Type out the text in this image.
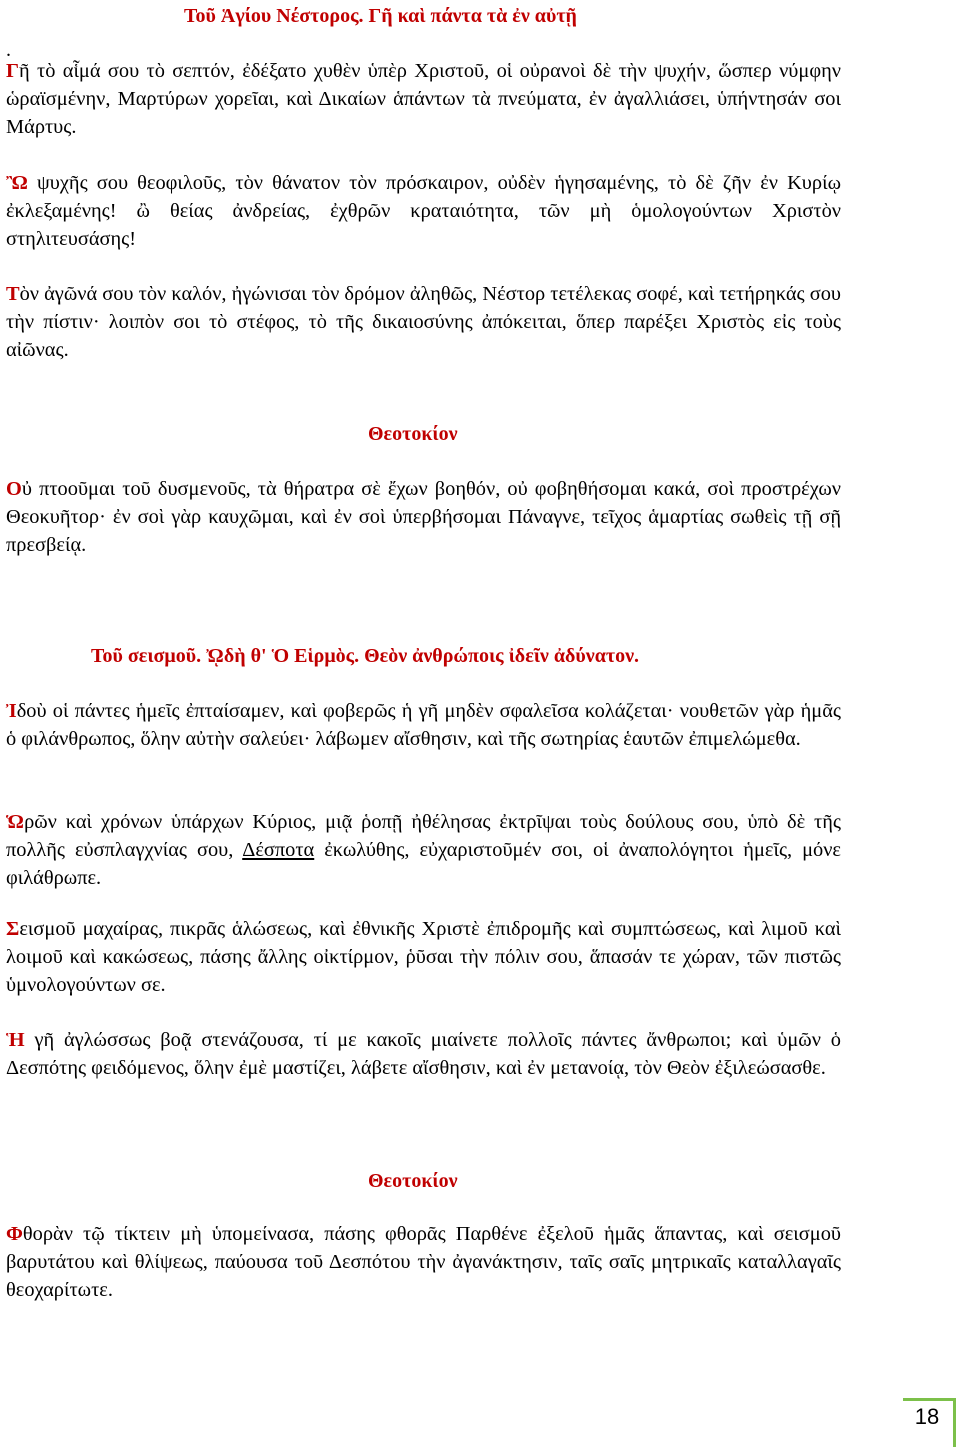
Τοῦ Ἁγίου Νέστορος. Γῆ καὶ πάντα τὰ ἐν αὐτῇ
.

Γῆ τὸ αἷμά σου τὸ σεπτόν, ἐδέξατο χυθὲν ὑπὲρ Χριστοῦ, οἱ οὐρανοὶ δὲ τὴν ψυχήν, ὥσπερ νύμφην ὡραϊσμένην, Μαρτύρων χορεῖαι, καὶ Δικαίων ἁπάντων τὰ πνεύματα, ἐν ἀγαλλιάσει, ὑπήντησάν σοι Μάρτυς.

Ὢ ψυχῆς σου θεοφιλοῦς, τὸν θάνατον τὸν πρόσκαιρον, οὐδὲν ἡγησαμένης, τὸ δὲ ζῆν ἐν Κυρίῳ ἐκλεξαμένης! ὢ θείας ἀνδρείας, ἐχθρῶν κραταιότητα, τῶν μὴ ὁμολογούντων Χριστὸν στηλιτευσάσης!

Τὸν ἀγῶνά σου τὸν καλόν, ἠγώνισαι τὸν δρόμον ἀληθῶς, Νέστορ τετέλεκας σοφέ, καὶ τετήρηκάς σου τὴν πίστιν· λοιπὸν σοι τὸ στέφος, τὸ τῆς δικαιοσύνης ἀπόκειται, ὅπερ παρέξει Χριστὸς εἰς τοὺς αἰῶνας.

Θεοτοκίον

Οὐ πτοοῦμαι τοῦ δυσμενοῦς, τὰ θήρατρα σὲ ἔχων βοηθόν, οὐ φοβηθήσομαι κακά, σοὶ προστρέχων Θεοκυῆτορ· ἐν σοὶ γὰρ καυχῶμαι, καὶ ἐν σοὶ ὑπερβήσομαι Πάναγνε, τεῖχος ἁμαρτίας σωθεὶς τῇ σῇ πρεσβείᾳ.

Τοῦ σεισμοῦ. ᾨδὴ θ' Ὁ Εἱρμὸς. Θεὸν ἀνθρώποις ἰδεῖν ἀδύνατον.

Ἰδοὺ οἱ πάντες ἡμεῖς ἐπταίσαμεν, καὶ φοβερῶς ἡ γῆ μηδὲν σφαλεῖσα κολάζεται· νουθετῶν γὰρ ἡμᾶς ὁ φιλάνθρωπος, ὅλην αὐτὴν σαλεύει· λάβωμεν αἴσθησιν, καὶ τῆς σωτηρίας ἑαυτῶν ἐπιμελώμεθα.

Ὡρῶν καὶ χρόνων ὑπάρχων Κύριος, μιᾷ ῥοπῇ ἠθέλησας ἐκτρῖψαι τοὺς δούλους σου, ὑπὸ δὲ τῆς πολλῆς εὐσπλαγχνίας σου, Δέσποτα ἐκωλύθης, εὐχαριστοῦμέν σοι, οἱ ἀναπολόγητοι ἡμεῖς, μόνε φιλάθρωπε.

Σεισμοῦ μαχαίρας, πικρᾶς ἁλώσεως, καὶ ἐθνικῆς Χριστὲ ἐπιδρομῆς καὶ συμπτώσεως, καὶ λιμοῦ καὶ λοιμοῦ καὶ κακώσεως, πάσης ἄλλης οἰκτίρμον, ῥῦσαι τὴν πόλιν σου, ἅπασάν τε χώραν, τῶν πιστῶς ὑμνολογούντων σε.

Ἡ γῆ ἀγλώσσως βοᾷ στενάζουσα, τί με κακοῖς μιαίνετε πολλοῖς πάντες ἄνθρωποι; καὶ ὑμῶν ὁ Δεσπότης φειδόμενος, ὅλην ἐμὲ μαστίζει, λάβετε αἴσθησιν, καὶ ἐν μετανοίᾳ, τὸν Θεὸν ἐξιλεώσασθε.

Θεοτοκίον

Φθορὰν τῷ τίκτειν μὴ ὑπομείνασα, πάσης φθορᾶς Παρθένε ἐξελοῦ ἡμᾶς ἅπαντας, καὶ σεισμοῦ βαρυτάτου καὶ θλίψεως, παύουσα τοῦ Δεσπότου τὴν ἀγανάκτησιν, ταῖς σαῖς μητρικαῖς καταλλαγαῖς θεοχαρίτωτε.

18
